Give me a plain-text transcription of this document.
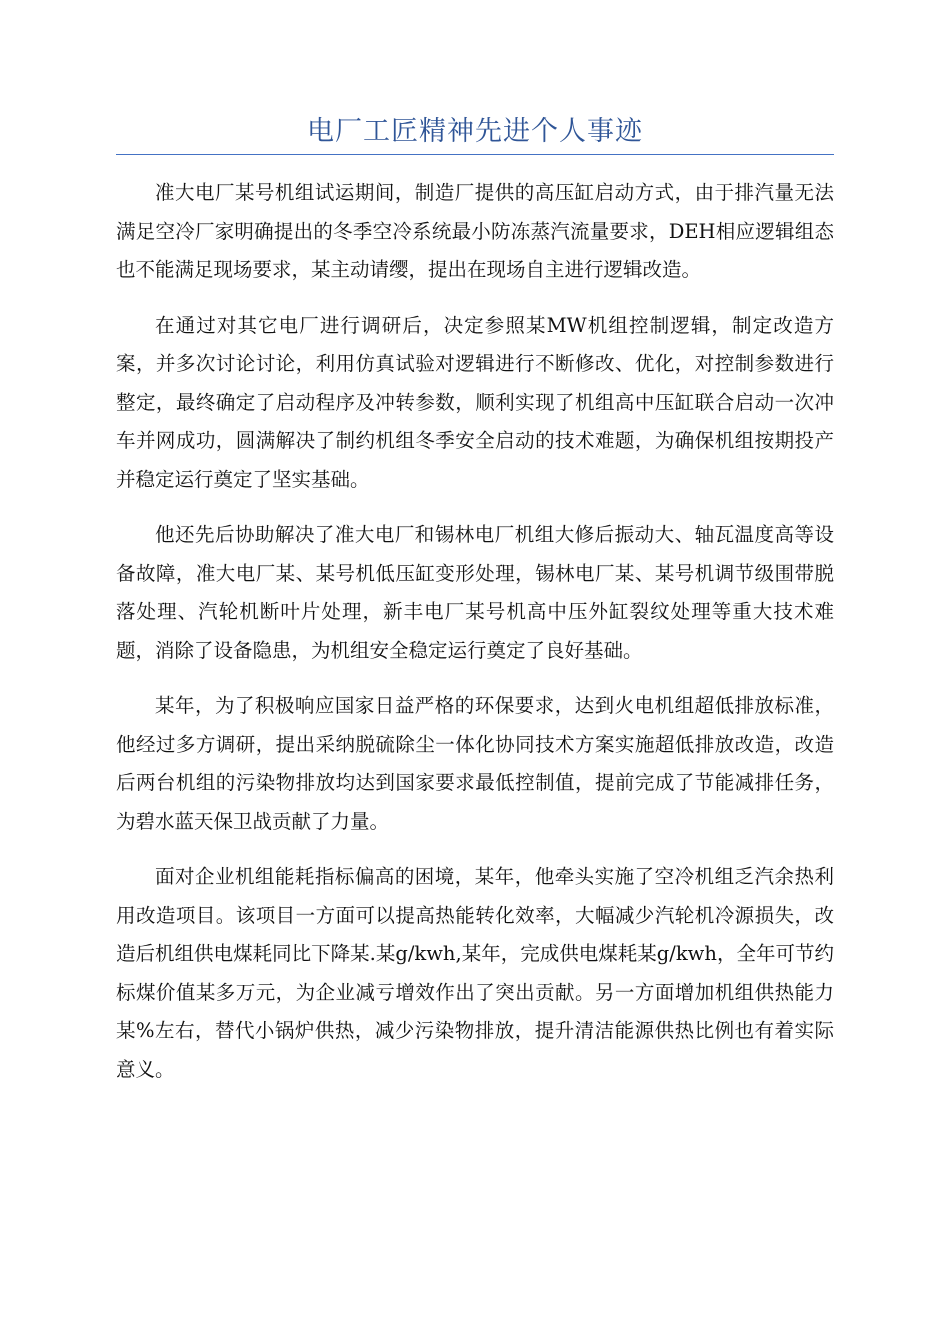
电厂工匠精神先进个人事迹

准大电厂某号机组试运期间，制造厂提供的高压缸启动方式，由于排汽量无法满足空冷厂家明确提出的冬季空冷系统最小防冻蒸汽流量要求，DEH相应逻辑组态也不能满足现场要求，某主动请缨，提出在现场自主进行逻辑改造。

在通过对其它电厂进行调研后，决定参照某MW机组控制逻辑，制定改造方案，并多次讨论讨论，利用仿真试验对逻辑进行不断修改、优化，对控制参数进行整定，最终确定了启动程序及冲转参数，顺利实现了机组高中压缸联合启动一次冲车并网成功，圆满解决了制约机组冬季安全启动的技术难题，为确保机组按期投产并稳定运行奠定了坚实基础。

他还先后协助解决了准大电厂和锡林电厂机组大修后振动大、轴瓦温度高等设备故障，准大电厂某、某号机低压缸变形处理，锡林电厂某、某号机调节级围带脱落处理、汽轮机断叶片处理，新丰电厂某号机高中压外缸裂纹处理等重大技术难题，消除了设备隐患，为机组安全稳定运行奠定了良好基础。

某年，为了积极响应国家日益严格的环保要求，达到火电机组超低排放标准，他经过多方调研，提出采纳脱硫除尘一体化协同技术方案实施超低排放改造，改造后两台机组的污染物排放均达到国家要求最低控制值，提前完成了节能减排任务，为碧水蓝天保卫战贡献了力量。

面对企业机组能耗指标偏高的困境，某年，他牵头实施了空冷机组乏汽余热利用改造项目。该项目一方面可以提高热能转化效率，大幅减少汽轮机冷源损失，改造后机组供电煤耗同比下降某.某g/kwh,某年，完成供电煤耗某g/kwh，全年可节约标煤价值某多万元，为企业减亏增效作出了突出贡献。另一方面增加机组供热能力某%左右，替代小锅炉供热，减少污染物排放，提升清洁能源供热比例也有着实际意义。
